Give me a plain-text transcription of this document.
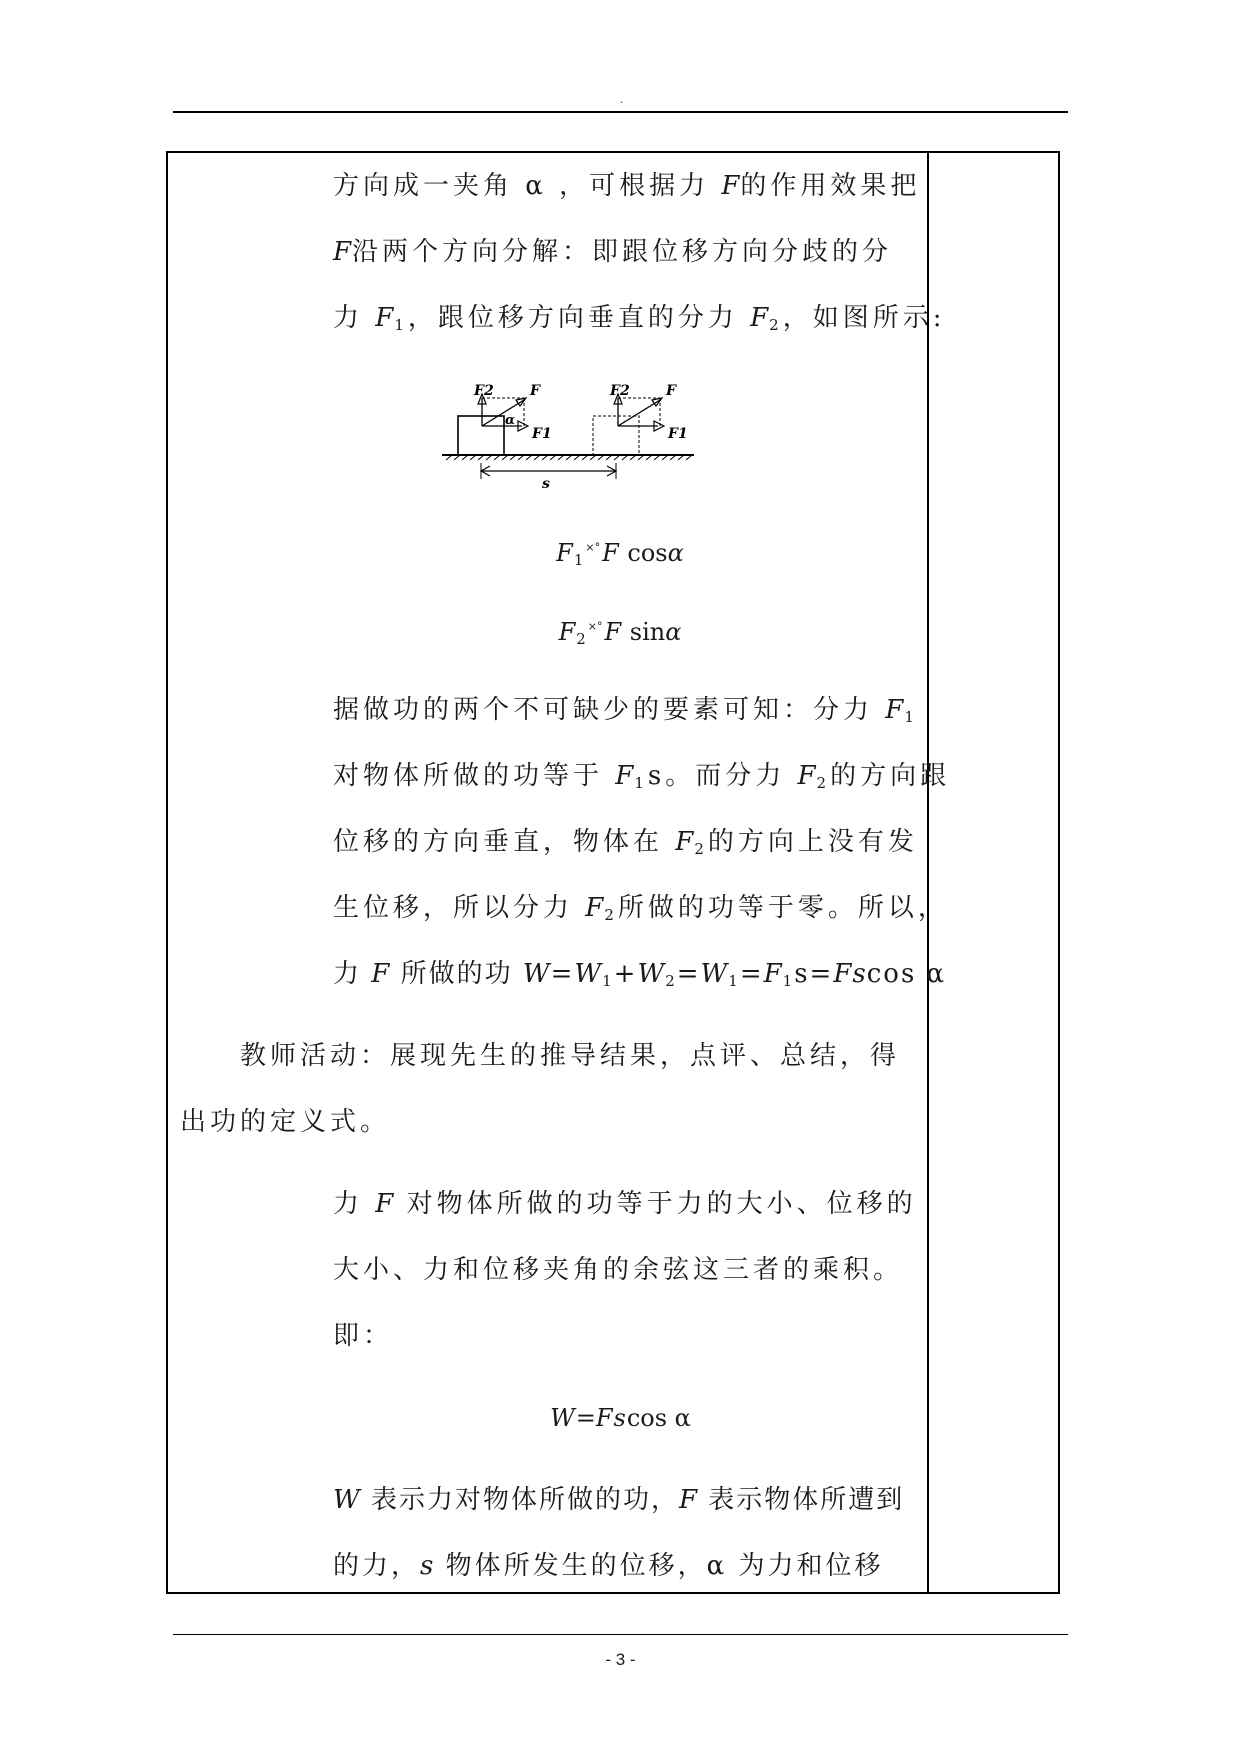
.
方向成一夹角 α ，可根据力 F的作用效果把
F沿两个方向分解：即跟位移方向分歧的分
力 $F_1$，跟位移方向垂直的分力 $F_2$，如图所示:
F2	F
α
F1
F2	F
F1
s
$F_1^{\times^\circ}F$ cosα
$F_2^{\times^\circ}F$ sinα
据做功的两个不可缺少的要素可知：分力 $F_1$
对物体所做的功等于 $F_1s$。而分力 $F_2$的方向跟
位移的方向垂直，物体在 $F_2$的方向上没有发
生位移，所以分力 $F_2$所做的功等于零。所以，
力 F 所做的功 $W=W_1+W_2=W_1=F_1s=Fscos$ α
教师活动：展现先生的推导结果，点评、总结，得
出功的定义式。
力 F 对物体所做的功等于力的大小、位移的
大小、力和位移夹角的余弦这三者的乘积。
即：
W=Fscos α
W 表示力对物体所做的功，F 表示物体所遭到
的力，s 物体所发生的位移，α 为力和位移
- 3 -
